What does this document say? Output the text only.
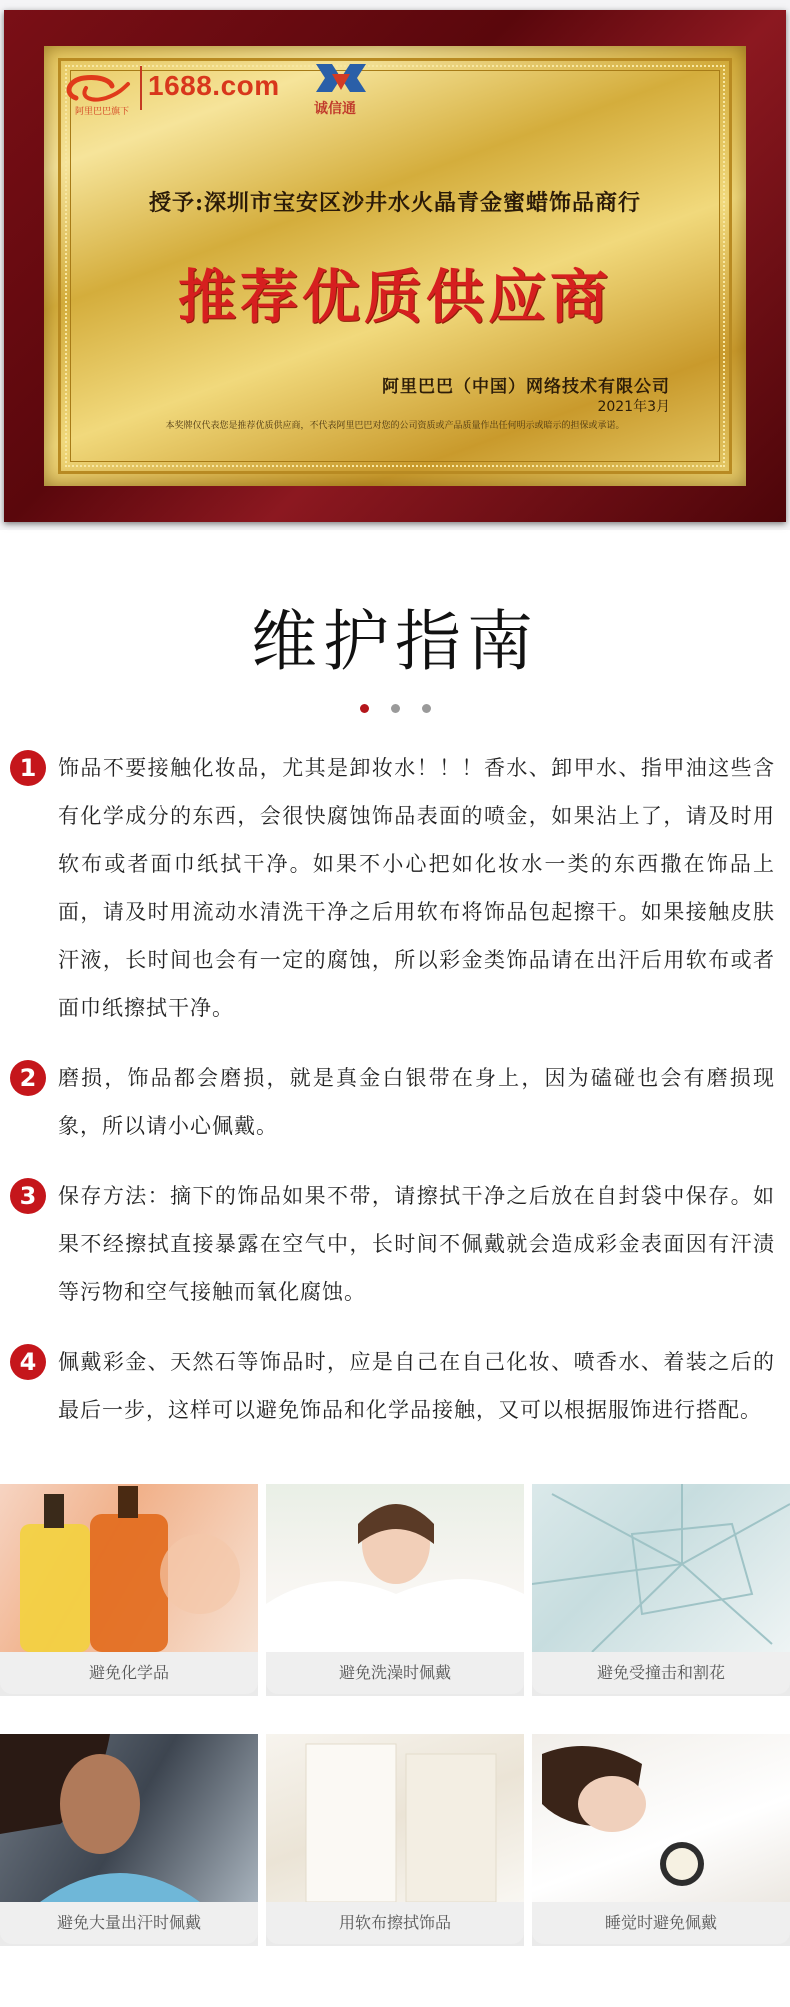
阿里巴巴旗下
1688.com
诚信通
授予:深圳市宝安区沙井水火晶青金蜜蜡饰品商行
推荐优质供应商
阿里巴巴（中国）网络技术有限公司
2021年3月
本奖牌仅代表您是推荐优质供应商，不代表阿里巴巴对您的公司资质或产品质量作出任何明示或暗示的担保或承诺。
维护指南
1	饰品不要接触化妆品，尤其是卸妆水！！！香水、卸甲水、指甲油这些含有化学成分的东西，会很快腐蚀饰品表面的喷金，如果沾上了，请及时用软布或者面巾纸拭干净。如果不小心把如化妆水一类的东西撒在饰品上面，请及时用流动水清洗干净之后用软布将饰品包起擦干。如果接触皮肤汗液，长时间也会有一定的腐蚀，所以彩金类饰品请在出汗后用软布或者面巾纸擦拭干净。
2	磨损，饰品都会磨损，就是真金白银带在身上，因为磕碰也会有磨损现象，所以请小心佩戴。
3	保存方法：摘下的饰品如果不带，请擦拭干净之后放在自封袋中保存。如果不经擦拭直接暴露在空气中，长时间不佩戴就会造成彩金表面因有汗渍等污物和空气接触而氧化腐蚀。
4	佩戴彩金、天然石等饰品时，应是自己在自己化妆、喷香水、着装之后的最后一步，这样可以避免饰品和化学品接触，又可以根据服饰进行搭配。
避免化学品	避免洗澡时佩戴	避免受撞击和割花
避免大量出汗时佩戴	用软布擦拭饰品	睡觉时避免佩戴
